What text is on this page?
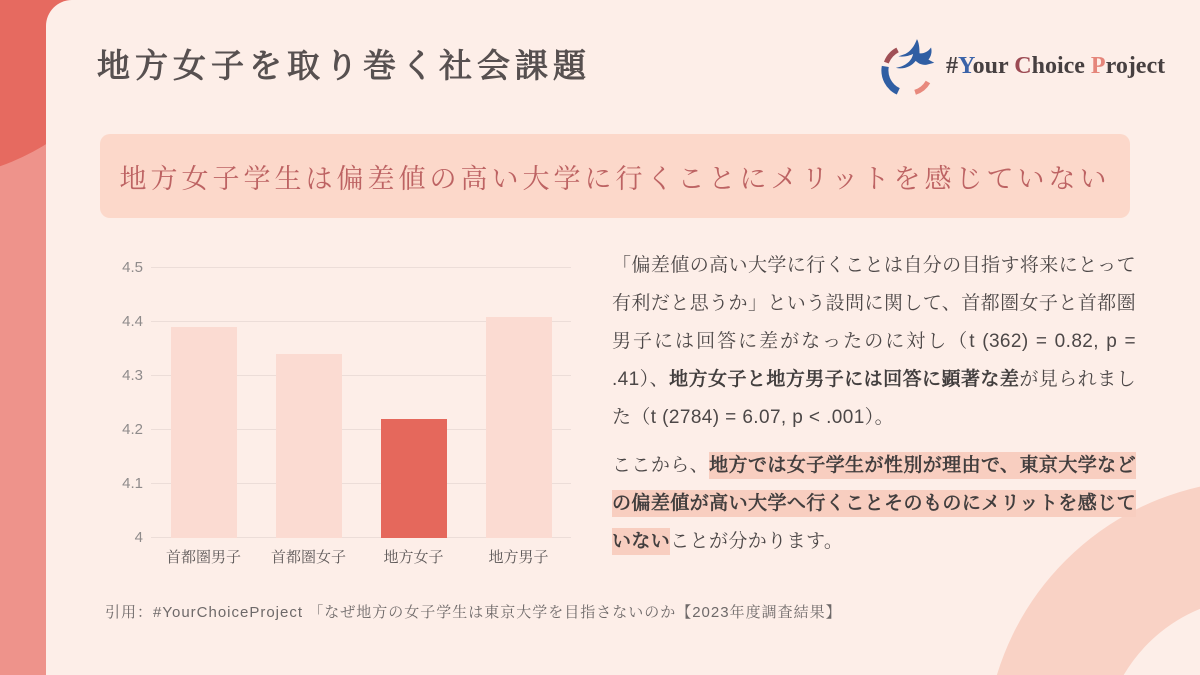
地方女子を取り巻く社会課題	#Your Choice Project
地方女子学生は偏差値の高い大学に行くことにメリットを感じていない
4
4.1
4.2
4.3
4.4
4.5
首都圏男子	首都圏女子	地方女子	地方男子

「偏差値の高い大学に行くことは自分の目指す将来にとって有利だと思うか」という設問に関して、首都圏女子と首都圏男子には回答に差がなったのに対し（t (362) = 0.82, p = .41）、地方女子と地方男子には回答に顕著な差が見られました（t (2784) = 6.07, p < .001）。

ここから、地方では女子学生が性別が理由で、東京大学などの偏差値が高い大学へ行くことそのものにメリットを感じていないことが分かります。

引用：#YourChoiceProject 「なぜ地方の女子学生は東京大学を目指さないのか【2023年度調査結果】
